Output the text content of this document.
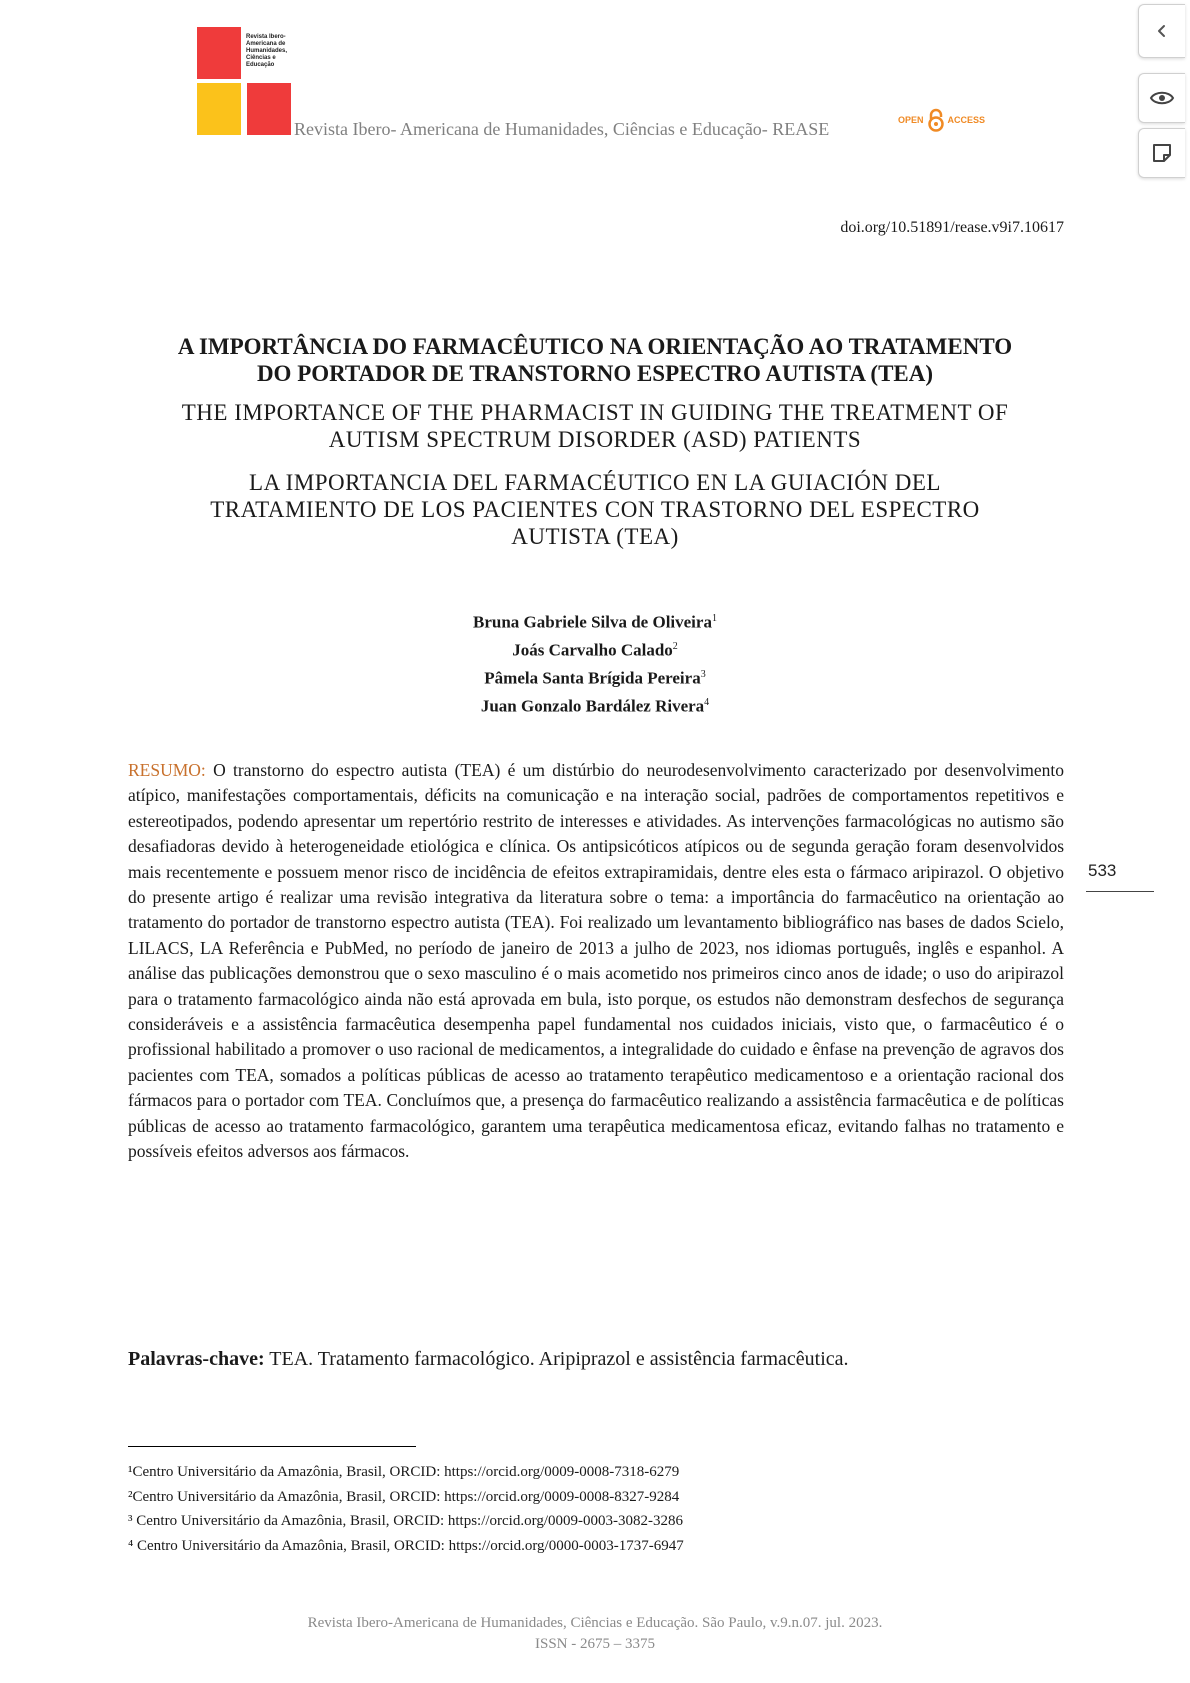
Revista Ibero-
Americana de
Humanidades,
Ciências e
Educação
Revista Ibero- Americana de Humanidades, Ciências e Educação- REASE	OPEN	ACCESS
doi.org/10.51891/rease.v9i7.10617
A IMPORTÂNCIA DO FARMACÊUTICO NA ORIENTAÇÃO AO TRATAMENTO
DO PORTADOR DE TRANSTORNO ESPECTRO AUTISTA (TEA)
THE IMPORTANCE OF THE PHARMACIST IN GUIDING THE TREATMENT OF
AUTISM SPECTRUM DISORDER (ASD) PATIENTS
LA IMPORTANCIA DEL FARMACÉUTICO EN LA GUIACIÓN DEL
TRATAMIENTO DE LOS PACIENTES CON TRASTORNO DEL ESPECTRO
AUTISTA (TEA)
Bruna Gabriele Silva de Oliveira$^1$
Joás Carvalho Calado$^2$
Pâmela Santa Brígida Pereira$^3$
Juan Gonzalo Bardález Rivera$^4$
RESUMO: O transtorno do espectro autista (TEA) é um distúrbio do neurodesenvolvimento caracterizado por desenvolvimento atípico, manifestações comportamentais, déficits na comunicação e na interação social, padrões de comportamentos repetitivos e estereotipados, podendo apresentar um repertório restrito de interesses e atividades. As intervenções farmacológicas no autismo são desafiadoras devido à heterogeneidade etiológica e clínica. Os antipsicóticos atípicos ou de segunda geração foram desenvolvidos mais recentemente e possuem menor risco de incidência de efeitos extrapiramidais, dentre eles esta o fármaco aripirazol. O objetivo do presente artigo é realizar uma revisão integrativa da literatura sobre o tema: a importância do farmacêutico na orientação ao tratamento do portador de transtorno espectro autista (TEA). Foi realizado um levantamento bibliográfico nas bases de dados Scielo, LILACS, LA Referência e PubMed, no período de janeiro de 2013 a julho de 2023, nos idiomas português, inglês e espanhol. A análise das publicações demonstrou que o sexo masculino é o mais acometido nos primeiros cinco anos de idade; o uso do aripirazol para o tratamento farmacológico ainda não está aprovada em bula, isto porque, os estudos não demonstram desfechos de segurança consideráveis e a assistência farmacêutica desempenha papel fundamental nos cuidados iniciais, visto que, o farmacêutico é o profissional habilitado a promover o uso racional de medicamentos, a integralidade do cuidado e ênfase na prevenção de agravos dos pacientes com TEA, somados a políticas públicas de acesso ao tratamento terapêutico medicamentoso e a orientação racional dos fármacos para o portador com TEA. Concluímos que, a presença do farmacêutico realizando a assistência farmacêutica e de políticas públicas de acesso ao tratamento farmacológico, garantem uma terapêutica medicamentosa eficaz, evitando falhas no tratamento e possíveis efeitos adversos aos fármacos.
Palavras-chave: TEA. Tratamento farmacológico. Aripiprazol e assistência farmacêutica.
¹Centro Universitário da Amazônia, Brasil, ORCID: https://orcid.org/0009-0008-7318-6279
²Centro Universitário da Amazônia, Brasil, ORCID: https://orcid.org/0009-0008-8327-9284
³ Centro Universitário da Amazônia, Brasil, ORCID: https://orcid.org/0009-0003-3082-3286
⁴ Centro Universitário da Amazônia, Brasil, ORCID: https://orcid.org/0000-0003-1737-6947
Revista Ibero-Americana de Humanidades, Ciências e Educação. São Paulo, v.9.n.07. jul. 2023.
ISSN - 2675 – 3375
533
